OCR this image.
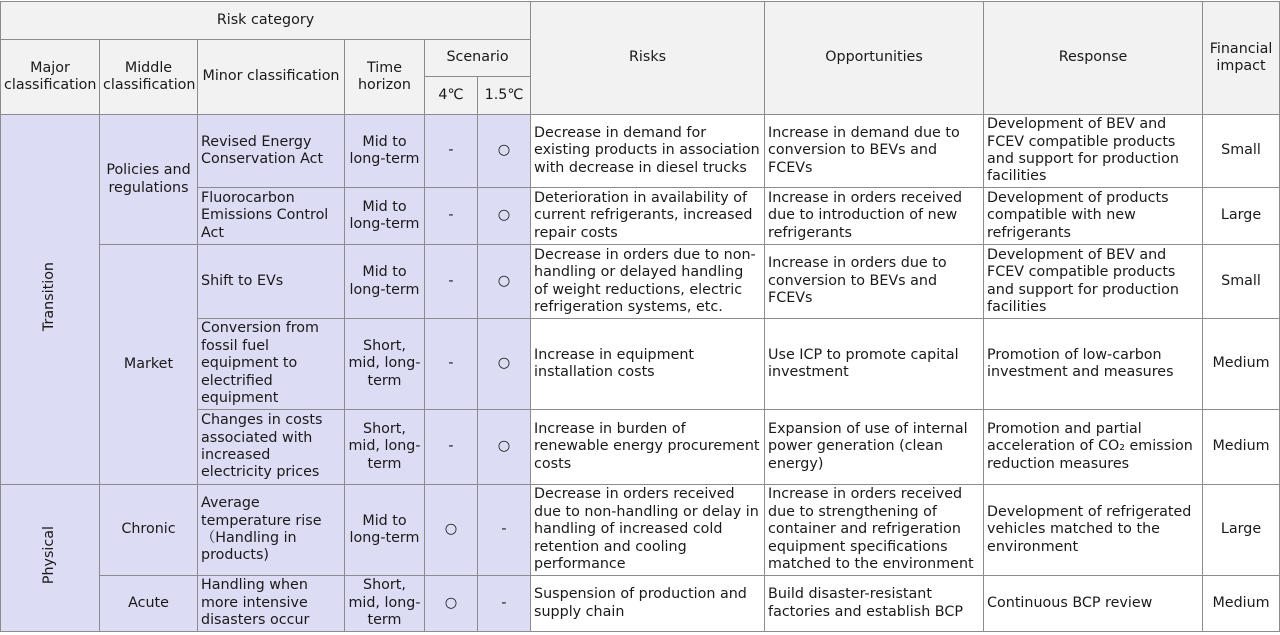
Risk category						Risks	Opportunities	Response	Financial impact
Major classification	Middle classification	Minor classification	Time horizon	Scenario					
				4℃	1.5℃				
Transition	Policies and regulations	Revised Energy Conservation Act	Mid to long-term	-	○	Decrease in demand for existing products in association with decrease in diesel trucks	Increase in demand due to conversion to BEVs and FCEVs	Development of BEV and FCEV compatible products and support for production facilities	Small
		Fluorocarbon Emissions Control Act	Mid to long-term	-	○	Deterioration in availability of current refrigerants, increased repair costs	Increase in orders received due to introduction of new refrigerants	Development of products compatible with new refrigerants	Large
	Market	Shift to EVs	Mid to long-term	-	○	Decrease in orders due to non-handling or delayed handling of weight reductions, electric refrigeration systems, etc.	Increase in orders due to conversion to BEVs and FCEVs	Development of BEV and FCEV compatible products and support for production facilities	Small
		Conversion from fossil fuel equipment to electrified equipment	Short, mid, long-term	-	○	Increase in equipment installation costs	Use ICP to promote capital investment	Promotion of low-carbon investment and measures	Medium
		Changes in costs associated with increased electricity prices	Short, mid, long-term	-	○	Increase in burden of renewable energy procurement costs	Expansion of use of internal power generation (clean energy)	Promotion and partial acceleration of CO₂ emission reduction measures	Medium
Physical	Chronic	Average temperature rise （Handling in products)	Mid to long-term	○	-	Decrease in orders received due to non-handling or delay in handling of increased cold retention and cooling performance	Increase in orders received due to strengthening of container and refrigeration equipment specifications matched to the environment	Development of refrigerated vehicles matched to the environment	Large
	Acute	Handling when more intensive disasters occur	Short, mid, long-term	○	-	Suspension of production and supply chain	Build disaster-resistant factories and establish BCP	Continuous BCP review	Medium
